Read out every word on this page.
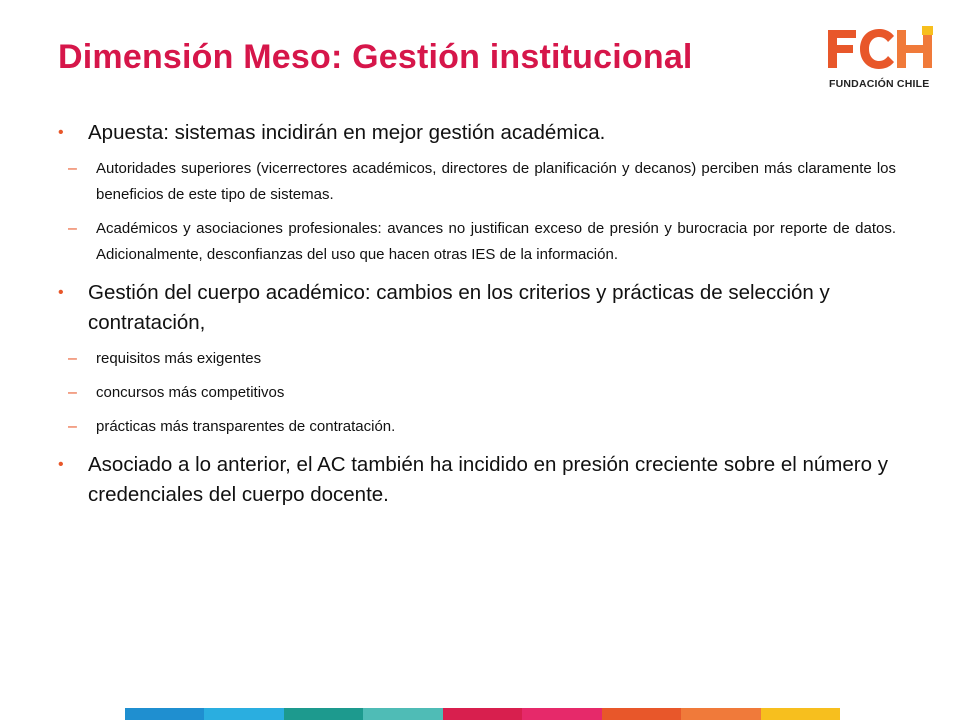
Dimensión Meso: Gestión institucional
FUNDACIÓN CHILE
• Apuesta: sistemas incidirán en mejor gestión académica.
– Autoridades superiores (vicerrectores académicos, directores de planificación y decanos) perciben más claramente los beneficios de este tipo de sistemas.
– Académicos y asociaciones profesionales: avances no justifican exceso de presión y burocracia por reporte de datos. Adicionalmente, desconfianzas del uso que hacen otras IES de la información.
• Gestión del cuerpo académico: cambios en los criterios y prácticas de selección y contratación,
– requisitos más exigentes
– concursos más competitivos
– prácticas más transparentes de contratación.
• Asociado a lo anterior, el AC también ha incidido en presión creciente sobre el número y credenciales del cuerpo docente.
